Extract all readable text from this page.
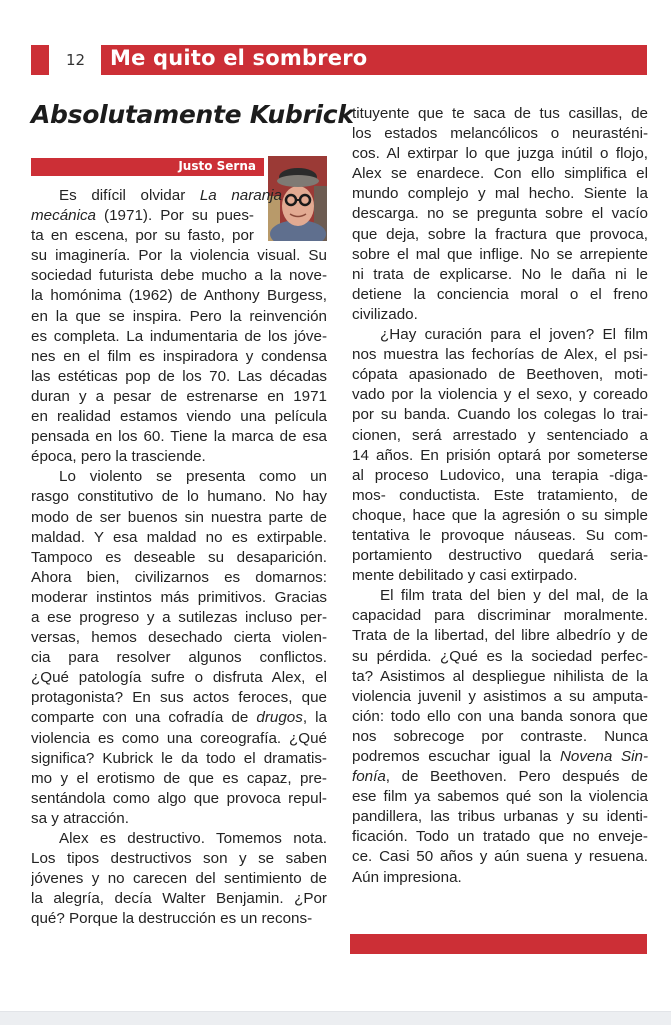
12 Me quito el sombrero
Absolutamente Kubrick
Justo Serna
Es difícil olvidar La naranja
mecánica (1971). Por su pues-
ta en escena, por su fasto, por
su imaginería. Por la violencia visual. Su
sociedad futurista debe mucho a la nove-
la homónima (1962) de Anthony Burgess,
en la que se inspira. Pero la reinvención
es completa. La indumentaria de los jóve-
nes en el film es inspiradora y condensa
las estéticas pop de los 70. Las décadas
duran y a pesar de estrenarse en 1971
en realidad estamos viendo una película
pensada en los 60. Tiene la marca de esa
época, pero la trasciende.
Lo violento se presenta como un
rasgo constitutivo de lo humano. No hay
modo de ser buenos sin nuestra parte de
maldad. Y esa maldad no es extirpable.
Tampoco es deseable su desaparición.
Ahora bien, civilizarnos es domarnos:
moderar instintos más primitivos. Gracias
a ese progreso y a sutilezas incluso per-
versas, hemos desechado cierta violen-
cia para resolver algunos conflictos.
¿Qué patología sufre o disfruta Alex, el
protagonista? En sus actos feroces, que
comparte con una cofradía de drugos, la
violencia es como una coreografía. ¿Qué
significa? Kubrick le da todo el dramatis-
mo y el erotismo de que es capaz, pre-
sentándola como algo que provoca repul-
sa y atracción.
Alex es destructivo. Tomemos nota.
Los tipos destructivos son y se saben
jóvenes y no carecen del sentimiento de
la alegría, decía Walter Benjamin. ¿Por
qué? Porque la destrucción es un recons-
tituyente que te saca de tus casillas, de
los estados melancólicos o neurasténi-
cos. Al extirpar lo que juzga inútil o flojo,
Alex se enardece. Con ello simplifica el
mundo complejo y mal hecho. Siente la
descarga. no se pregunta sobre el vacío
que deja, sobre la fractura que provoca,
sobre el mal que inflige. No se arrepiente
ni trata de explicarse. No le daña ni le
detiene la conciencia moral o el freno
civilizado.
¿Hay curación para el joven? El film
nos muestra las fechorías de Alex, el psi-
cópata apasionado de Beethoven, moti-
vado por la violencia y el sexo, y coreado
por su banda. Cuando los colegas lo trai-
cionen, será arrestado y sentenciado a
14 años. En prisión optará por someterse
al proceso Ludovico, una terapia -diga-
mos- conductista. Este tratamiento, de
choque, hace que la agresión o su simple
tentativa le provoque náuseas. Su com-
portamiento destructivo quedará seria-
mente debilitado y casi extirpado.
El film trata del bien y del mal, de la
capacidad para discriminar moralmente.
Trata de la libertad, del libre albedrío y de
su pérdida. ¿Qué es la sociedad perfec-
ta? Asistimos al despliegue nihilista de la
violencia juvenil y asistimos a su amputa-
ción: todo ello con una banda sonora que
nos sobrecoge por contraste. Nunca
podremos escuchar igual la Novena Sin-
fonía, de Beethoven. Pero después de
ese film ya sabemos qué son la violencia
pandillera, las tribus urbanas y su identi-
ficación. Todo un tratado que no enveje-
ce. Casi 50 años y aún suena y resuena.
Aún impresiona.
